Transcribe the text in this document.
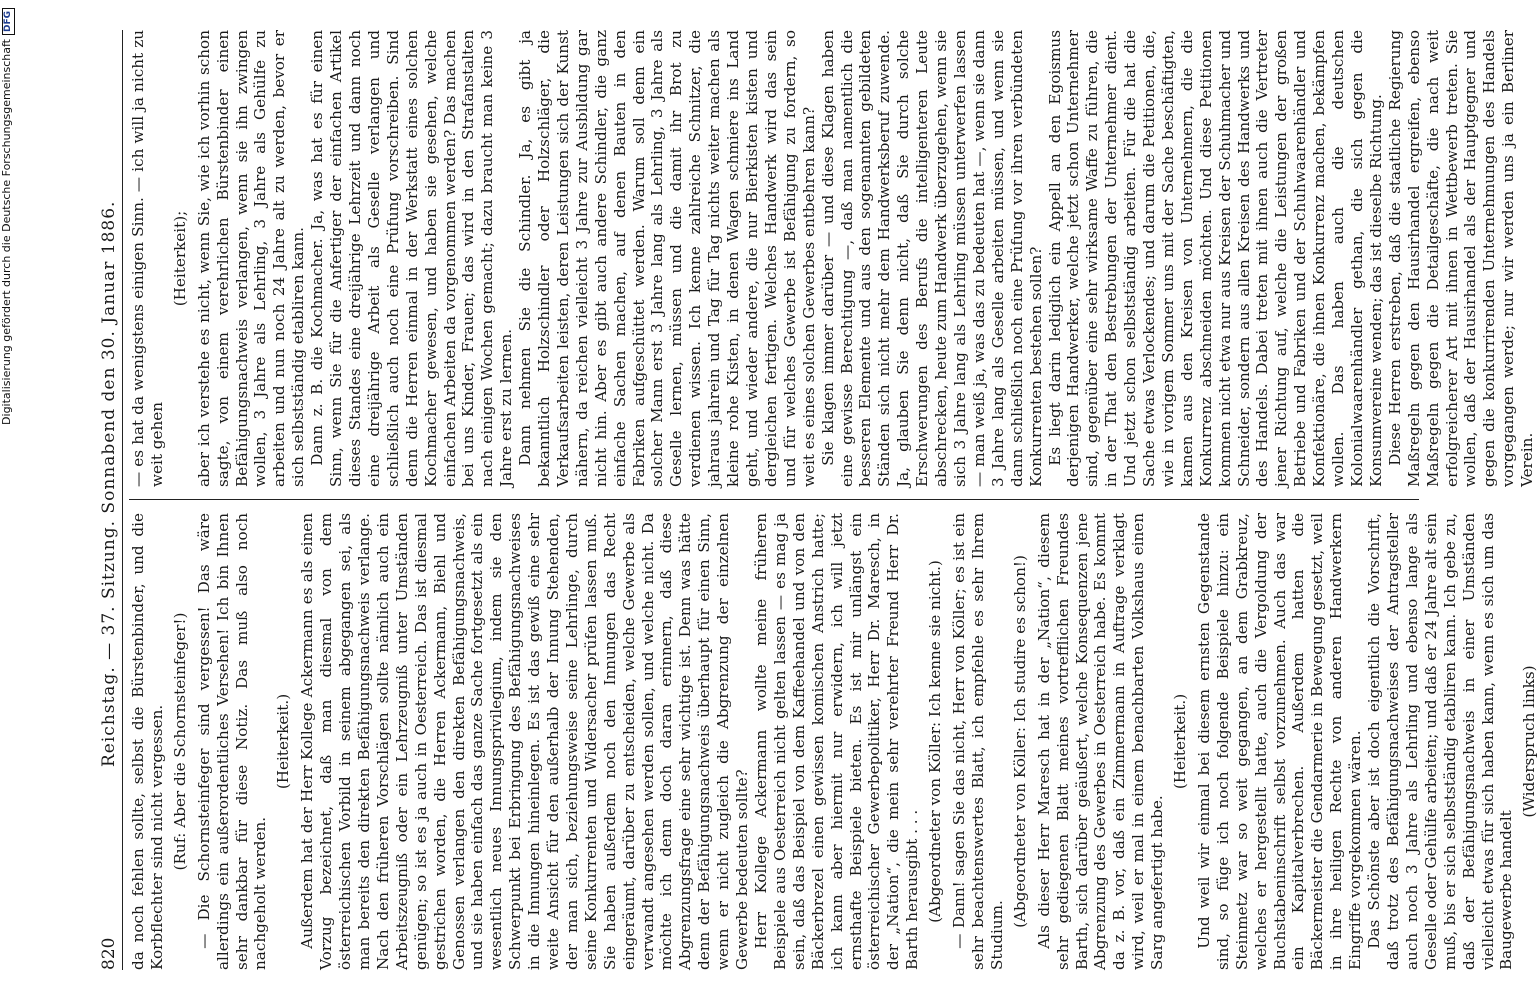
820
Reichstag. — 37. Sitzung. Sonnabend den 30. Januar 1886. da noch fehlen sollte, selbst die Bürstenbinder, und die Korbflechter sind nicht vergessen. (Ruf: Aber die Schornsteinfeger!) — Die Schornsteinfeger sind vergessen! Das wäre allerdings ein außerordentliches Versehen! Ich bin Ihnen sehr dankbar für diese Notiz. Das muß also noch nachgeholt werden.

(Heiterkeit.) Außerdem hat der Herr Kollege Ackermann es als einen Vorzug bezeichnet, daß man diesmal von dem österreichischen Vorbild in seinem abgegangen sei, als man bereits den direkten Befähigungsnachweis verlange. Nach den früheren Vorschlägen sollte nämlich auch ein Arbeitszeugniß oder ein Lehrzeugniß unter Umständen genügen; so ist es ja auch in Oesterreich. Das ist diesmal gestrichen worden, die Herren Ackermann, Biehl und Genossen verlangen den direkten Befähigungsnachweis, und sie haben einfach das ganze Sache fortgesetzt als ein wesentlich neues Innungsprivilegium, indem sie den Schwerpunkt bei Erbringung des Befähigungsnachweises in die Innungen hineinlegen. Es ist das gewiß eine sehr weite Ansicht für den außerhalb der Innung Stehenden, der man sich, beziehungsweise seine Lehrlinge, durch seine Konkurrenten und Widersacher prüfen lassen muß. Sie haben außerdem noch den Innungen das Recht eingeräumt, darüber zu entscheiden, welche Gewerbe als verwandt angesehen werden sollen, und welche nicht. Da möchte ich denn doch daran erinnern, daß diese Abgrenzungsfrage eine sehr wichtige ist. Denn was hätte denn der Befähigungsnachweis überhaupt für einen Sinn, wenn er nicht zugleich die Abgrenzung der einzelnen Gewerbe bedeuten sollte? Herr Kollege Ackermann wollte meine früheren Beispiele aus Oesterreich nicht gelten lassen — es mag ja sein, daß das Beispiel von dem Kaffeehandel und von den Bäckerbrezel einen gewissen komischen Anstrich hatte; ich kann aber hiermit nur erwidern, ich will jetzt ernsthafte Beispiele bieten. Es ist mir unlängst ein österreichischer Gewerbepolitiker, Herr Dr. Maresch, in der „Nation“, die mein sehr verehrter Freund Herr Dr. Barth herausgibt . . . (Abgeordneter von Köller: Ich kenne sie nicht.) — Dann! sagen Sie das nicht, Herr von Köller; es ist ein sehr beachtenswertes Blatt, ich empfehle es sehr Ihrem Studium.

(Abgeordneter von Köller: Ich studire es schon!) Als dieser Herr Maresch hat in der „Nation“, diesem sehr gediegenen Blatt meines vortrefflichen Freundes Barth, sich darüber geäußert, welche Konsequenzen jene Abgrenzung des Gewerbes in Oesterreich habe. Es kommt da z. B. vor, daß ein Zimmermann in Auftrage verklagt wird, weil er mal in einem benachbarten Volkshaus einen Sarg angefertigt habe.

(Heiterkeit.) Und weil wir einmal bei diesem ernsten Gegenstande sind, so füge ich noch folgende Beispiele hinzu: ein Steinmetz war so weit gegangen, an dem Grabkreuz, welches er hergestellt hatte, auch die Vergoldung der Buchstabeninschrift selbst vorzunehmen. Auch das war ein Kapitalverbrechen. Außerdem hatten die Bäckermeister die Gendarmerie in Bewegung gesetzt, weil in ihre heiligen Rechte von anderen Handwerkern Eingriffe vorgekommen wären. Das Schönste aber ist doch eigentlich die Vorschrift, daß trotz des Befähigungsnachweises der Antragsteller auch noch 3 Jahre als Lehrling und ebenso lange als Geselle oder Gehülfe arbeiten; und daß er 24 Jahre alt sein muß, bis er sich selbstständig etabliren kann. Ich gebe zu, daß der Befähigungsnachweis in einer Umständen vielleicht etwas für sich haben kann, wenn es sich um das Baugewerbe handelt

(Widerspruch links)

— es hat da wenigstens einigen Sinn. — ich will ja nicht zu weit gehen

(Heiterkeit); aber ich verstehe es nicht, wenn Sie, wie ich vorhin schon sagte, von einem verehrlichen Bürstenbinder einen Befähigungsnachweis verlangen, wenn sie ihn zwingen wollen, 3 Jahre als Lehrling, 3 Jahre als Gehülfe zu arbeiten und nun noch 24 Jahre alt zu werden, bevor er sich selbstständig etabliren kann. Dann z. B. die Kochmacher. Ja, was hat es für einen Sinn, wenn Sie für die Anfertiger der einfachen Artikel dieses Standes eine dreijährige Lehrzeit und dann noch eine dreijährige Arbeit als Geselle verlangen und schließlich auch noch eine Prüfung vorschreiben. Sind denn die Herren einmal in der Werkstatt eines solchen Kochmacher gewesen, und haben sie gesehen, welche einfachen Arbeiten da vorgenommen werden? Das machen bei uns Kinder, Frauen; das wird in den Strafanstalten nach einigen Wochen gemacht; dazu braucht man keine 3 Jahre erst zu lernen. Dann nehmen Sie die Schindler. Ja, es gibt ja bekanntlich Holzschindler oder Holzschläger, die Verkaufsarbeiten leisten, deren Leistungen sich der Kunst nähern, da reichen vielleicht 3 Jahre zur Ausbildung gar nicht hin. Aber es gibt auch andere Schindler, die ganz einfache Sachen machen, auf denen Bauten in den Fabriken aufgeschüttet werden. Warum soll denn ein solcher Mann erst 3 Jahre lang als Lehrling, 3 Jahre als Geselle lernen, müssen und die damit ihr Brot zu verdienen wissen. Ich kenne zahlreiche Schnitzer, die jahraus jahrein und Tag für Tag nichts weiter machen als kleine rohe Kisten, in denen Wagen schmiere ins Land geht, und wieder andere, die nur Bierkisten kisten und dergleichen fertigen. Welches Handwerk wird das sein und für welches Gewerbe ist Befähigung zu fordern, so weit es eines solchen Gewerbes entbehren kann? Sie klagen immer darüber — und diese Klagen haben eine gewisse Berechtigung —, daß man namentlich die besseren Elemente und aus den sogenannten gebildeten Ständen sich nicht mehr dem Handwerksberuf zuwende. Ja, glauben Sie denn nicht, daß Sie durch solche Erschwerungen des Berufs die intelligenteren Leute abschrecken, heute zum Handwerk überzugehen, wenn sie sich 3 Jahre lang als Lehrling müssen unterwerfen lassen — man weiß ja, was das zu bedeuten hat —, wenn sie dann 3 Jahre lang als Geselle arbeiten müssen, und wenn sie dann schließlich noch eine Prüfung vor ihren verbündeten Konkurrenten bestehen sollen? Es liegt darin lediglich ein Appell an den Egoismus derjenigen Handwerker, welche jetzt schon Unternehmer sind, gegenüber eine sehr wirksame Waffe zu führen, die in der That den Bestrebungen der Unternehmer dient. Und jetzt schon selbstständig arbeiten. Für die hat die Sache etwas Verlockendes; und darum die Petitionen, die, wie in vorigem Sommer uns mit der Sache beschäftigten, kamen aus den Kreisen von Unternehmern, die die Konkurrenz abschneiden möchten. Und diese Petitionen kommen nicht etwa nur aus Kreisen der Schuhmacher und Schneider, sondern aus allen Kreisen des Handwerks und des Handels. Dabei treten mit ihnen auch die Vertreter jener Richtung auf, welche die Leistungen der großen Betriebe und Fabriken und der Schuhwaarenhändler und Konfektionäre, die ihnen Konkurrenz machen, bekämpfen wollen. Das haben auch die deutschen Kolonialwaarenhändler gethan, die sich gegen die Konsumvereine wenden; das ist dieselbe Richtung. Diese Herren erstreben, daß die staatliche Regierung Maßregeln gegen den Hausirhandel ergreifen, ebenso Maßregeln gegen die Detailgeschäfte, die nach weit erfolgreicherer Art mit ihnen in Wettbewerb treten. Sie wollen, daß der Hausirhandel als der Hauptgegner und gegen die konkurrirenden Unternehmungen des Handels vorgegangen werde; nur wir werden uns ja ein Berliner Verein.

Digitalisierung gefördert durch die Deutsche ForschungsgemeinschaftDFG
